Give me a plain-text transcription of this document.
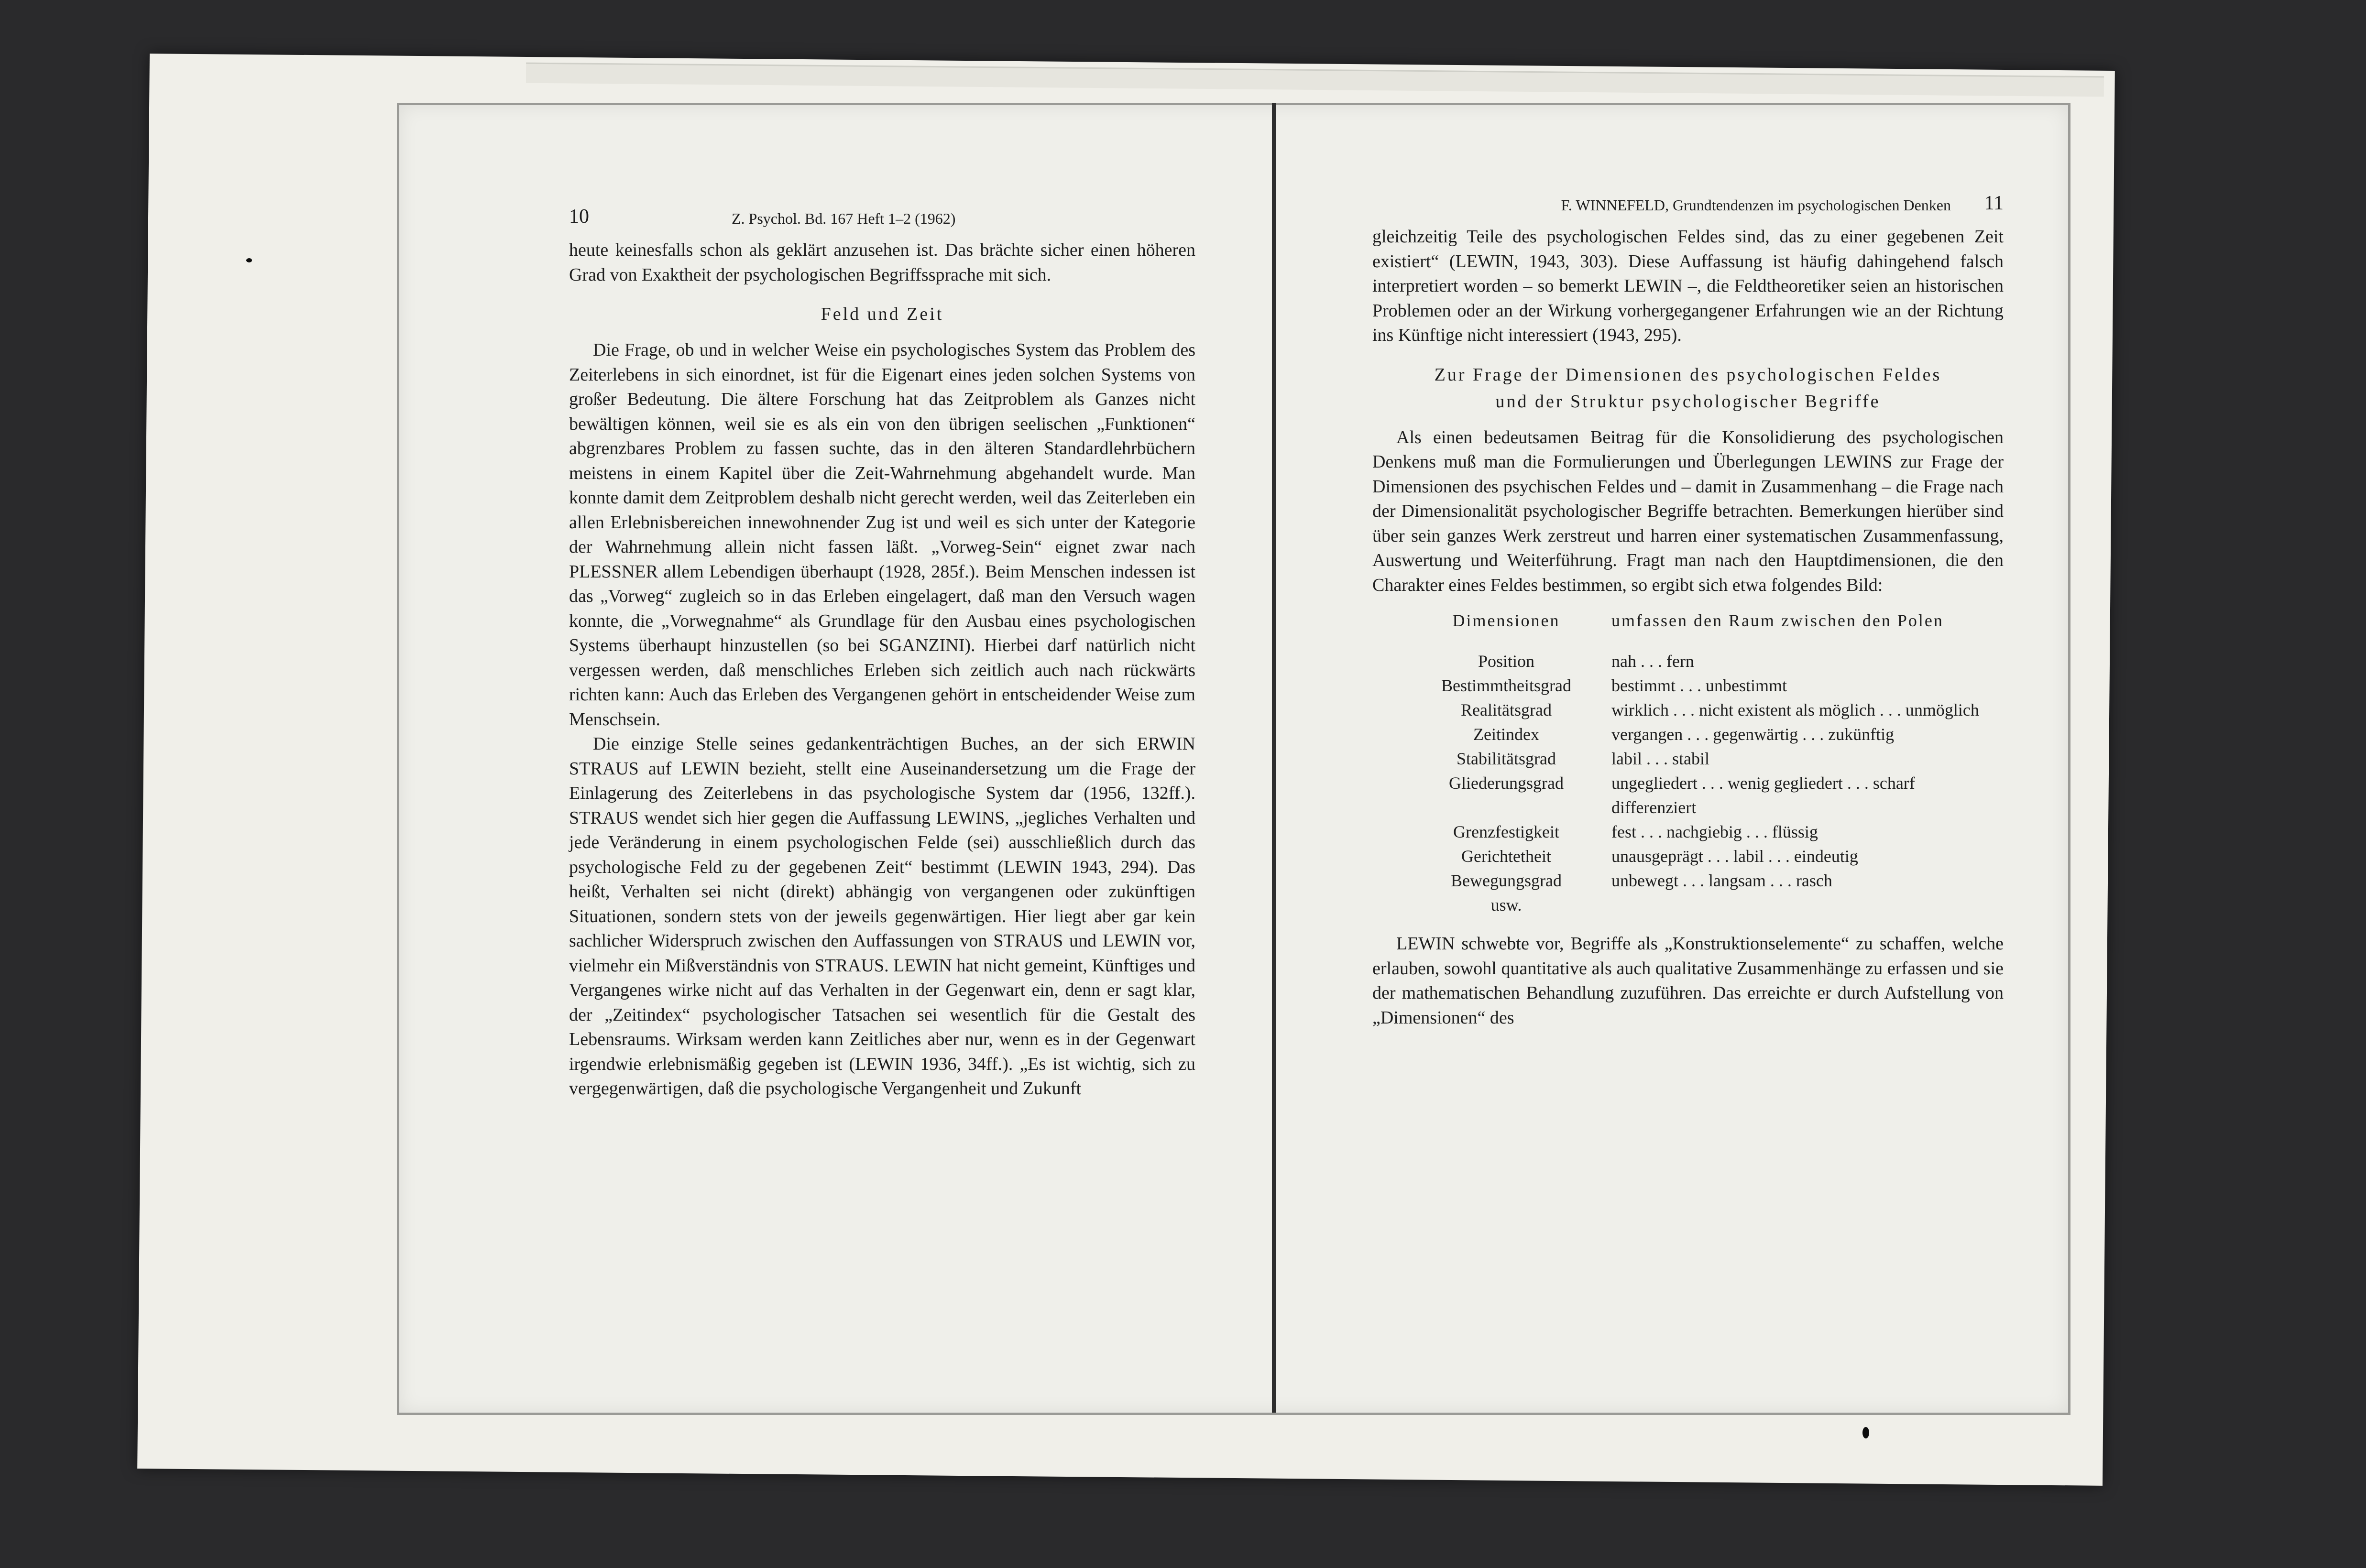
10	Z. Psychol. Bd. 167 Heft 1–2 (1962)

heute keinesfalls schon als geklärt anzusehen ist. Das brächte sicher einen höheren Grad von Exaktheit der psychologischen Begriffssprache mit sich.

Feld und Zeit

Die Frage, ob und in welcher Weise ein psychologisches System das Problem des Zeiterlebens in sich einordnet, ist für die Eigenart eines jeden solchen Systems von großer Bedeutung. Die ältere Forschung hat das Zeitproblem als Ganzes nicht bewältigen können, weil sie es als ein von den übrigen seelischen „Funktionen“ abgrenzbares Problem zu fassen suchte, das in den älteren Standardlehrbüchern meistens in einem Kapitel über die Zeit-Wahrnehmung abgehandelt wurde. Man konnte damit dem Zeitproblem deshalb nicht gerecht werden, weil das Zeiterleben ein allen Erlebnisbereichen innewohnender Zug ist und weil es sich unter der Kategorie der Wahrnehmung allein nicht fassen läßt. „Vorweg-Sein“ eignet zwar nach PLESSNER allem Lebendigen überhaupt (1928, 285f.). Beim Menschen indessen ist das „Vorweg“ zugleich so in das Erleben eingelagert, daß man den Versuch wagen konnte, die „Vorwegnahme“ als Grundlage für den Ausbau eines psychologischen Systems überhaupt hinzustellen (so bei SGANZINI). Hierbei darf natürlich nicht vergessen werden, daß menschliches Erleben sich zeitlich auch nach rückwärts richten kann: Auch das Erleben des Vergangenen gehört in entscheidender Weise zum Menschsein.

Die einzige Stelle seines gedankenträchtigen Buches, an der sich ERWIN STRAUS auf LEWIN bezieht, stellt eine Auseinandersetzung um die Frage der Einlagerung des Zeiterlebens in das psychologische System dar (1956, 132ff.). STRAUS wendet sich hier gegen die Auffassung LEWINS, „jegliches Verhalten und jede Veränderung in einem psychologischen Felde (sei) ausschließlich durch das psychologische Feld zu der gegebenen Zeit“ bestimmt (LEWIN 1943, 294). Das heißt, Verhalten sei nicht (direkt) abhängig von vergangenen oder zukünftigen Situationen, sondern stets von der jeweils gegenwärtigen. Hier liegt aber gar kein sachlicher Widerspruch zwischen den Auffassungen von STRAUS und LEWIN vor, vielmehr ein Mißverständnis von STRAUS. LEWIN hat nicht gemeint, Künftiges und Vergangenes wirke nicht auf das Verhalten in der Gegenwart ein, denn er sagt klar, der „Zeitindex“ psychologischer Tatsachen sei wesentlich für die Gestalt des Lebensraums. Wirksam werden kann Zeitliches aber nur, wenn es in der Gegenwart irgendwie erlebnismäßig gegeben ist (LEWIN 1936, 34ff.). „Es ist wichtig, sich zu vergegenwärtigen, daß die psychologische Vergangenheit und Zukunft

F. WINNEFELD, Grundtendenzen im psychologischen Denken 11

gleichzeitig Teile des psychologischen Feldes sind, das zu einer gegebenen Zeit existiert“ (LEWIN, 1943, 303). Diese Auffassung ist häufig dahingehend falsch interpretiert worden – so bemerkt LEWIN –, die Feldtheoretiker seien an historischen Problemen oder an der Wirkung vorhergegangener Erfahrungen wie an der Richtung ins Künftige nicht interessiert (1943, 295).

Zur Frage der Dimensionen des psychologischen Feldes
und der Struktur psychologischer Begriffe

Als einen bedeutsamen Beitrag für die Konsolidierung des psychologischen Denkens muß man die Formulierungen und Überlegungen LEWINS zur Frage der Dimensionen des psychischen Feldes und – damit in Zusammenhang – die Frage nach der Dimensionalität psychologischer Begriffe betrachten. Bemerkungen hierüber sind über sein ganzes Werk zerstreut und harren einer systematischen Zusammenfassung, Auswertung und Weiterführung. Fragt man nach den Hauptdimensionen, die den Charakter eines Feldes bestimmen, so ergibt sich etwa folgendes Bild:

Dimensionen	umfassen den Raum zwischen den Polen
Position	nah . . . fern
Bestimmtheitsgrad	bestimmt . . . unbestimmt
Realitätsgrad	wirklich . . . nicht existent als möglich . . . unmöglich
Zeitindex	vergangen . . . gegenwärtig . . . zukünftig
Stabilitätsgrad	labil . . . stabil
Gliederungsgrad	ungegliedert . . . wenig gegliedert . . . scharf differenziert
Grenzfestigkeit	fest . . . nachgiebig . . . flüssig
Gerichtetheit	unausgeprägt . . . labil . . . eindeutig
Bewegungsgrad	unbewegt . . . langsam . . . rasch
usw.	

LEWIN schwebte vor, Begriffe als „Konstruktionselemente“ zu schaffen, welche erlauben, sowohl quantitative als auch qualitative Zusammenhänge zu erfassen und sie der mathematischen Behandlung zuzuführen. Das erreichte er durch Aufstellung von „Dimensionen“ des
